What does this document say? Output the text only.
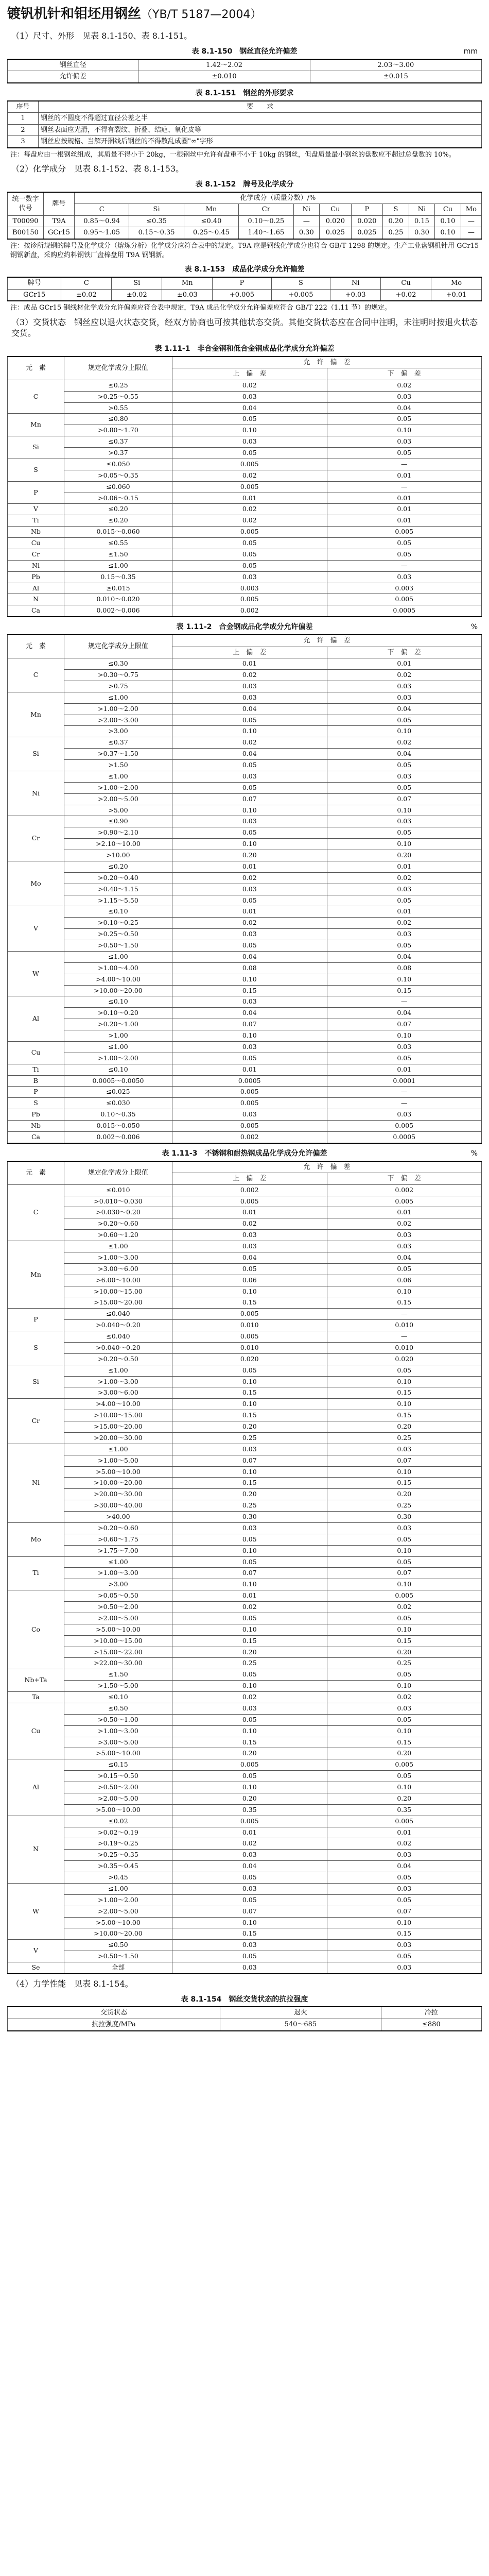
镀钒机针和钼坯用钢丝（YB/T 5187—2004）

（1）尺寸、外形　见表 8.1-150、表 8.1-151。

表 8.1-150　钢丝直径允许偏差	mm
钢丝直径	1.42～2.02	2.03～3.00
允许偏差	±0.010	±0.015
表 8.1-151　钢丝的外形要求
序号	要　　求
1	钢丝的不圆度不得超过直径公差之半
2	钢丝表面应光滑，不得有裂纹、折叠、结疤、氧化皮等
3	钢丝应按规格、当解开捆线后钢丝的不得散乱成圈"∞"字形

注：每盘应由一根钢丝组成，其质量不得小于 20kg，一根钢丝中允许有盘重不小于 10kg 的钢丝，但盘质量最小钢丝的盘数应不超过总盘数的 10%。

（2）化学成分　见表 8.1-152、表 8.1-153。

表 8.1-152　牌号及化学成分
统一数字代号	牌号	化学成分（质量分数）/%										
		C	Si	Mn	Cr	Ni	Cu	P	S	Ni	Cu	Mo
T00090	T9A	0.85～0.94	≤0.35	≤0.40	0.10～0.25	—	0.020	0.020	0.20	0.15	0.10	—
B00150	GCr15	0.95～1.05	0.15～0.35	0.25～0.45	1.40～1.65	0.30	0.025	0.025	0.25	0.30	0.10	—

注：按诊所规钢的牌号及化学成分（熔炼分析）化学成分应符合表中的规定。T9A 应是钢线化学成分也符合 GB/T 1298 的规定。生产工业盘钢机针用 GCr15 钢钢新盘，采购应约料钢铁厂盘棒盘用 T9A 钢钢新。

表 8.1-153　成品化学成分允许偏差
牌号	C	Si	Mn	P	S	Ni	Cu	Mo
GCr15	±0.02	±0.02	±0.03	+0.005	+0.005	+0.03	+0.02	+0.01

注：成品 GCr15 钢线材化学成分允许偏差应符合表中规定，T9A 成品化学成分允许偏差应符合 GB/T 222（1.11 节）的规定。

（3）交货状态　钢丝应以退火状态交货，经双方协商也可按其他状态交货。其他交货状态应在合同中注明，未注明时按退火状态交货。

表 1.11-1　非合金钢和低合金钢成品化学成分允许偏差
元　素	规定化学成分上限值	允　许　偏　差	
		上　偏　差	下　偏　差
C	≤0.25	0.02	0.02
	>0.25～0.55	0.03	0.03
	>0.55	0.04	0.04
Mn	≤0.80	0.05	0.05
	>0.80～1.70	0.10	0.10
Si	≤0.37	0.03	0.03
	>0.37	0.05	0.05
S	≤0.050	0.005	—
	>0.05～0.35	0.02	0.01
P	≤0.060	0.005	—
	>0.06～0.15	0.01	0.01
V	≤0.20	0.02	0.01
Ti	≤0.20	0.02	0.01
Nb	0.015～0.060	0.005	0.005
Cu	≤0.55	0.05	0.05
Cr	≤1.50	0.05	0.05
Ni	≤1.00	0.05	—
Pb	0.15～0.35	0.03	0.03
Al	≥0.015	0.003	0.003
N	0.010～0.020	0.005	0.005
Ca	0.002～0.006	0.002	0.0005
表 1.11-2　合金钢成品化学成分允许偏差	%
元　素	规定化学成分上限值	允　许　偏　差	
		上　偏　差	下　偏　差
C	≤0.30	0.01	0.01
	>0.30～0.75	0.02	0.02
	>0.75	0.03	0.03
Mn	≤1.00	0.03	0.03
	>1.00～2.00	0.04	0.04
	>2.00～3.00	0.05	0.05
	>3.00	0.10	0.10
Si	≤0.37	0.02	0.02
	>0.37～1.50	0.04	0.04
	>1.50	0.05	0.05
Ni	≤1.00	0.03	0.03
	>1.00～2.00	0.05	0.05
	>2.00～5.00	0.07	0.07
	>5.00	0.10	0.10
Cr	≤0.90	0.03	0.03
	>0.90～2.10	0.05	0.05
	>2.10～10.00	0.10	0.10
	>10.00	0.20	0.20
Mo	≤0.20	0.01	0.01
	>0.20～0.40	0.02	0.02
	>0.40～1.15	0.03	0.03
	>1.15～5.50	0.05	0.05
V	≤0.10	0.01	0.01
	>0.10～0.25	0.02	0.02
	>0.25～0.50	0.03	0.03
	>0.50～1.50	0.05	0.05
W	≤1.00	0.04	0.04
	>1.00～4.00	0.08	0.08
	>4.00～10.00	0.10	0.10
	>10.00～20.00	0.15	0.15
Al	≤0.10	0.03	—
	>0.10～0.20	0.04	0.04
	>0.20～1.00	0.07	0.07
	>1.00	0.10	0.10
Cu	≤1.00	0.03	0.03
	>1.00～2.00	0.05	0.05
Ti	≤0.10	0.01	0.01
B	0.0005～0.0050	0.0005	0.0001
P	≤0.025	0.005	—
S	≤0.030	0.005	—
Pb	0.10～0.35	0.03	0.03
Nb	0.015～0.050	0.005	0.005
Ca	0.002～0.006	0.002	0.0005
表 1.11-3　不锈钢和耐热钢成品化学成分允许偏差	%
元　素	规定化学成分上限值	允　许　偏　差	
		上　偏　差	下　偏　差
C	≤0.010	0.002	0.002
	>0.010～0.030	0.005	0.005
	>0.030～0.20	0.01	0.01
	>0.20～0.60	0.02	0.02
	>0.60～1.20	0.03	0.03
Mn	≤1.00	0.03	0.03
	>1.00～3.00	0.04	0.04
	>3.00～6.00	0.05	0.05
	>6.00～10.00	0.06	0.06
	>10.00～15.00	0.10	0.10
	>15.00～20.00	0.15	0.15
P	≤0.040	0.005	—
	>0.040～0.20	0.010	0.010
S	≤0.040	0.005	—
	>0.040～0.20	0.010	0.010
	>0.20～0.50	0.020	0.020
Si	≤1.00	0.05	0.05
	>1.00～3.00	0.10	0.10
	>3.00～6.00	0.15	0.15
Cr	>4.00～10.00	0.10	0.10
	>10.00～15.00	0.15	0.15
	>15.00～20.00	0.20	0.20
	>20.00～30.00	0.25	0.25
Ni	≤1.00	0.03	0.03
	>1.00～5.00	0.07	0.07
	>5.00～10.00	0.10	0.10
	>10.00～20.00	0.15	0.15
	>20.00～30.00	0.20	0.20
	>30.00～40.00	0.25	0.25
	>40.00	0.30	0.30
Mo	>0.20～0.60	0.03	0.03
	>0.60～1.75	0.05	0.05
	>1.75～7.00	0.10	0.10
Ti	≤1.00	0.05	0.05
	>1.00～3.00	0.07	0.07
	>3.00	0.10	0.10
Co	>0.05～0.50	0.01	0.005
	>0.50～2.00	0.02	0.02
	>2.00～5.00	0.05	0.05
	>5.00～10.00	0.10	0.10
	>10.00～15.00	0.15	0.15
	>15.00～22.00	0.20	0.20
	>22.00～30.00	0.25	0.25
Nb+Ta	≤1.50	0.05	0.05
	>1.50～5.00	0.10	0.10
Ta	≤0.10	0.02	0.02
Cu	≤0.50	0.03	0.03
	>0.50～1.00	0.05	0.05
	>1.00～3.00	0.10	0.10
	>3.00～5.00	0.15	0.15
	>5.00～10.00	0.20	0.20
Al	≤0.15	0.005	0.005
	>0.15～0.50	0.05	0.05
	>0.50～2.00	0.10	0.10
	>2.00～5.00	0.20	0.20
	>5.00～10.00	0.35	0.35
N	≤0.02	0.005	0.005
	>0.02～0.19	0.01	0.01
	>0.19～0.25	0.02	0.02
	>0.25～0.35	0.03	0.03
	>0.35～0.45	0.04	0.04
	>0.45	0.05	0.05
W	≤1.00	0.03	0.03
	>1.00～2.00	0.05	0.05
	>2.00～5.00	0.07	0.07
	>5.00～10.00	0.10	0.10
	>10.00～20.00	0.15	0.15
V	≤0.50	0.03	0.03
	>0.50～1.50	0.05	0.05
Se	全部	0.03	0.03

（4）力学性能　见表 8.1-154。

表 8.1-154　钢丝交货状态的抗拉强度
交货状态	退火	冷拉
抗拉强度/MPa	540～685	≤880
